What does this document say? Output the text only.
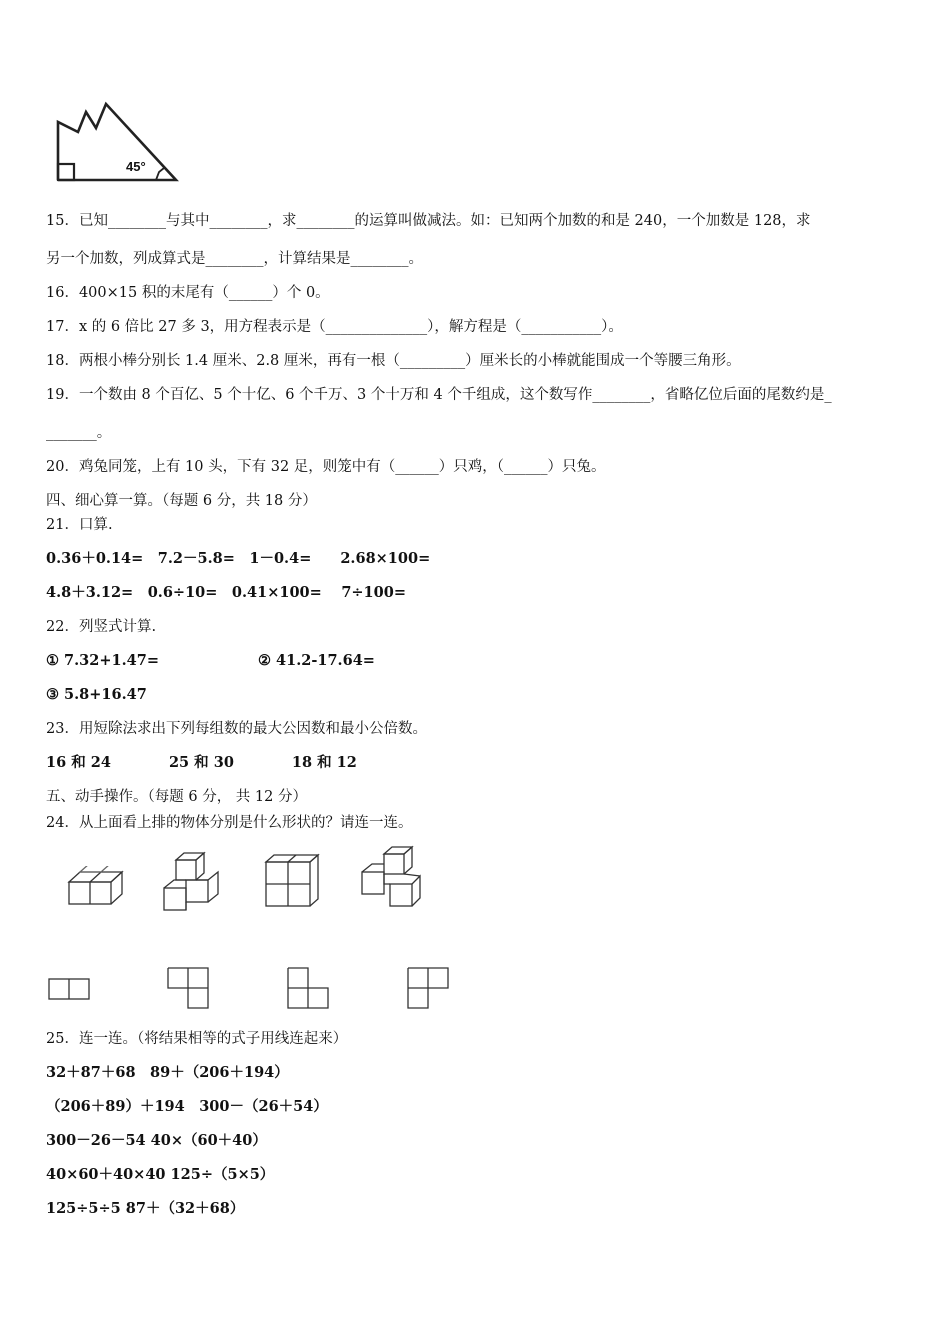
45°
15．已知________与其中________，求________的运算叫做减法。如：已知两个加数的和是 240，一个加数是 128，求
另一个加数，列成算式是________，计算结果是________。
16．400×15 积的末尾有（______）个 0。
17．x 的 6 倍比 27 多 3，用方程表示是（______________），解方程是（___________）。
18．两根小棒分别长 1.4 厘米、2.8 厘米，再有一根（_________）厘米长的小棒就能围成一个等腰三角形。
19．一个数由 8 个百亿、5 个十亿、6 个千万、3 个十万和 4 个千组成，这个数写作________，省略亿位后面的尾数约是_
_______。
20．鸡兔同笼，上有 10 头，下有 32 足，则笼中有（______）只鸡，（______）只兔。
四、细心算一算。（每题 6 分，共 18 分）
21．口算.
0.36＋0.14=　7.2－5.8=　1－0.4=　　2.68×100=
4.8＋3.12=　0.6÷10=　0.41×100=　 7÷100=
22．列竖式计算.
① 7.32+1.47=	② 41.2-17.64=
③ 5.8+16.47
23．用短除法求出下列每组数的最大公因数和最小公倍数。
16 和 24　　　　25 和 30　　　　18 和 12
五、动手操作。（每题 6 分， 共 12 分）
24．从上面看上排的物体分别是什么形状的？请连一连。
25．连一连。（将结果相等的式子用线连起来）
32＋87＋68　89＋（206＋194）
（206＋89）＋194　300－（26＋54）
300－26－54 40×（60＋40）
40×60＋40×40 125÷（5×5）
125÷5÷5 87＋（32＋68）
